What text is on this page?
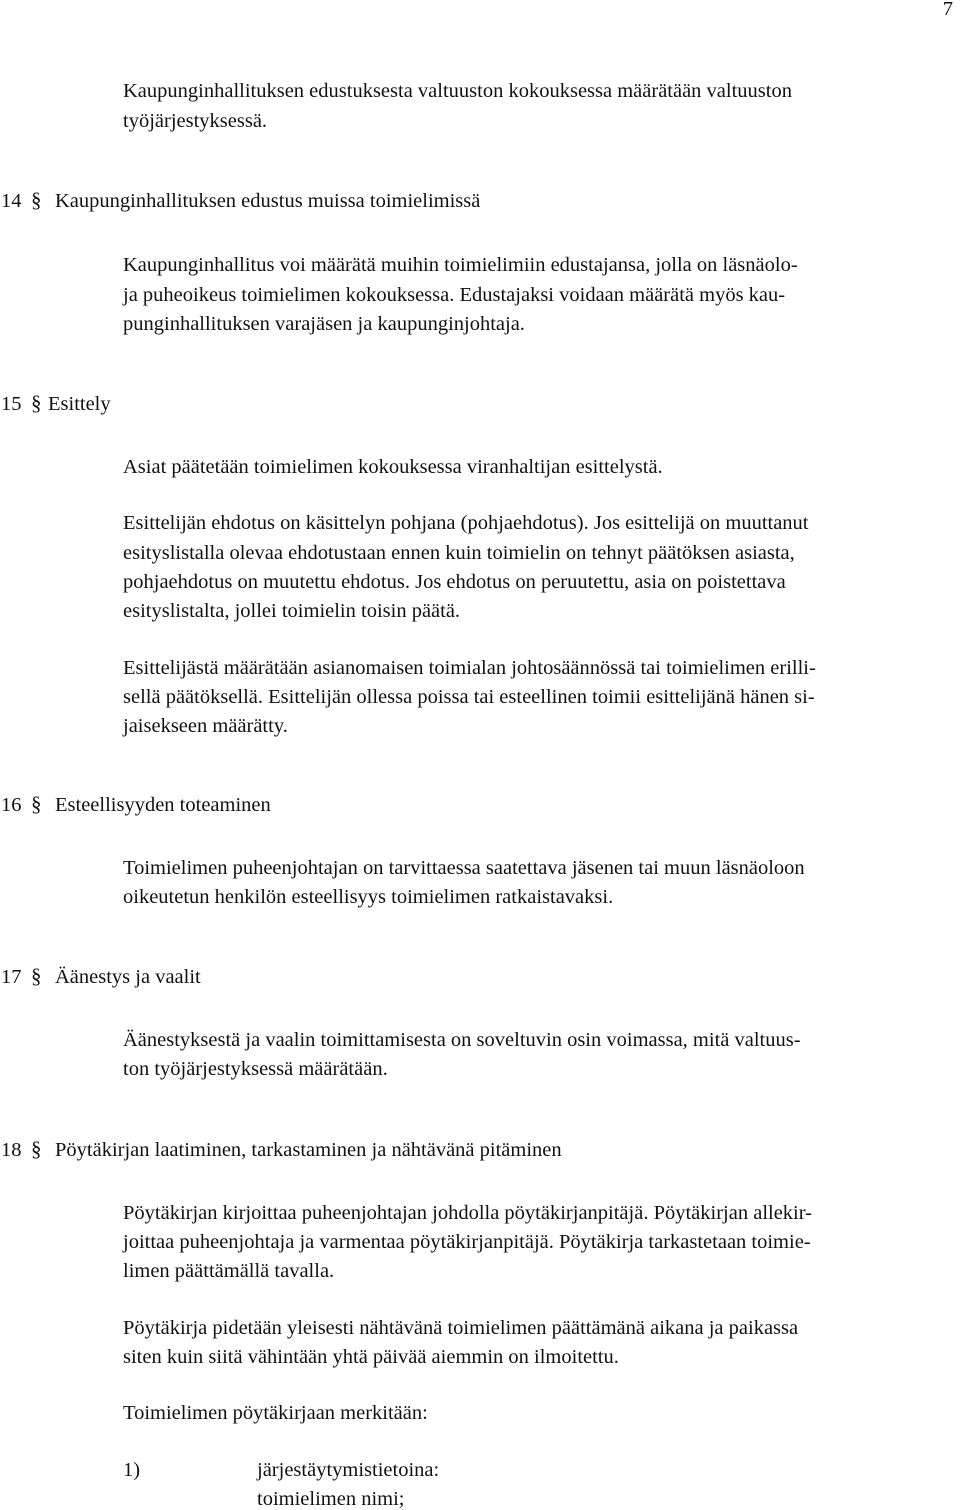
7
Kaupunginhallituksen edustuksesta valtuuston kokouksessa määrätään valtuuston
työjärjestyksessä.
14 § Kaupunginhallituksen edustus muissa toimielimissä
Kaupunginhallitus voi määrätä muihin toimielimiin edustajansa, jolla on läsnäolo-
ja puheoikeus toimielimen kokouksessa. Edustajaksi voidaan määrätä myös kau-
punginhallituksen varajäsen ja kaupunginjohtaja.
15 § Esittely
Asiat päätetään toimielimen kokouksessa viranhaltijan esittelystä.
Esittelijän ehdotus on käsittelyn pohjana (pohjaehdotus). Jos esittelijä on muuttanut
esityslistalla olevaa ehdotustaan ennen kuin toimielin on tehnyt päätöksen asiasta,
pohjaehdotus on muutettu ehdotus. Jos ehdotus on peruutettu, asia on poistettava
esityslistalta, jollei toimielin toisin päätä.
Esittelijästä määrätään asianomaisen toimialan johtosäännössä tai toimielimen erilli-
sellä päätöksellä. Esittelijän ollessa poissa tai esteellinen toimii esittelijänä hänen si-
jaisekseen määrätty.
16 § Esteellisyyden toteaminen
Toimielimen puheenjohtajan on tarvittaessa saatettava jäsenen tai muun läsnäoloon
oikeutetun henkilön esteellisyys toimielimen ratkaistavaksi.
17 § Äänestys ja vaalit
Äänestyksestä ja vaalin toimittamisesta on soveltuvin osin voimassa, mitä valtuus-
ton työjärjestyksessä määrätään.
18 § Pöytäkirjan laatiminen, tarkastaminen ja nähtävänä pitäminen
Pöytäkirjan kirjoittaa puheenjohtajan johdolla pöytäkirjanpitäjä. Pöytäkirjan allekir-
joittaa puheenjohtaja ja varmentaa pöytäkirjanpitäjä. Pöytäkirja tarkastetaan toimie-
limen päättämällä tavalla.
Pöytäkirja pidetään yleisesti nähtävänä toimielimen päättämänä aikana ja paikassa
siten kuin siitä vähintään yhtä päivää aiemmin on ilmoitettu.
Toimielimen pöytäkirjaan merkitään:
1)	järjestäytymistietoina:
toimielimen nimi;
